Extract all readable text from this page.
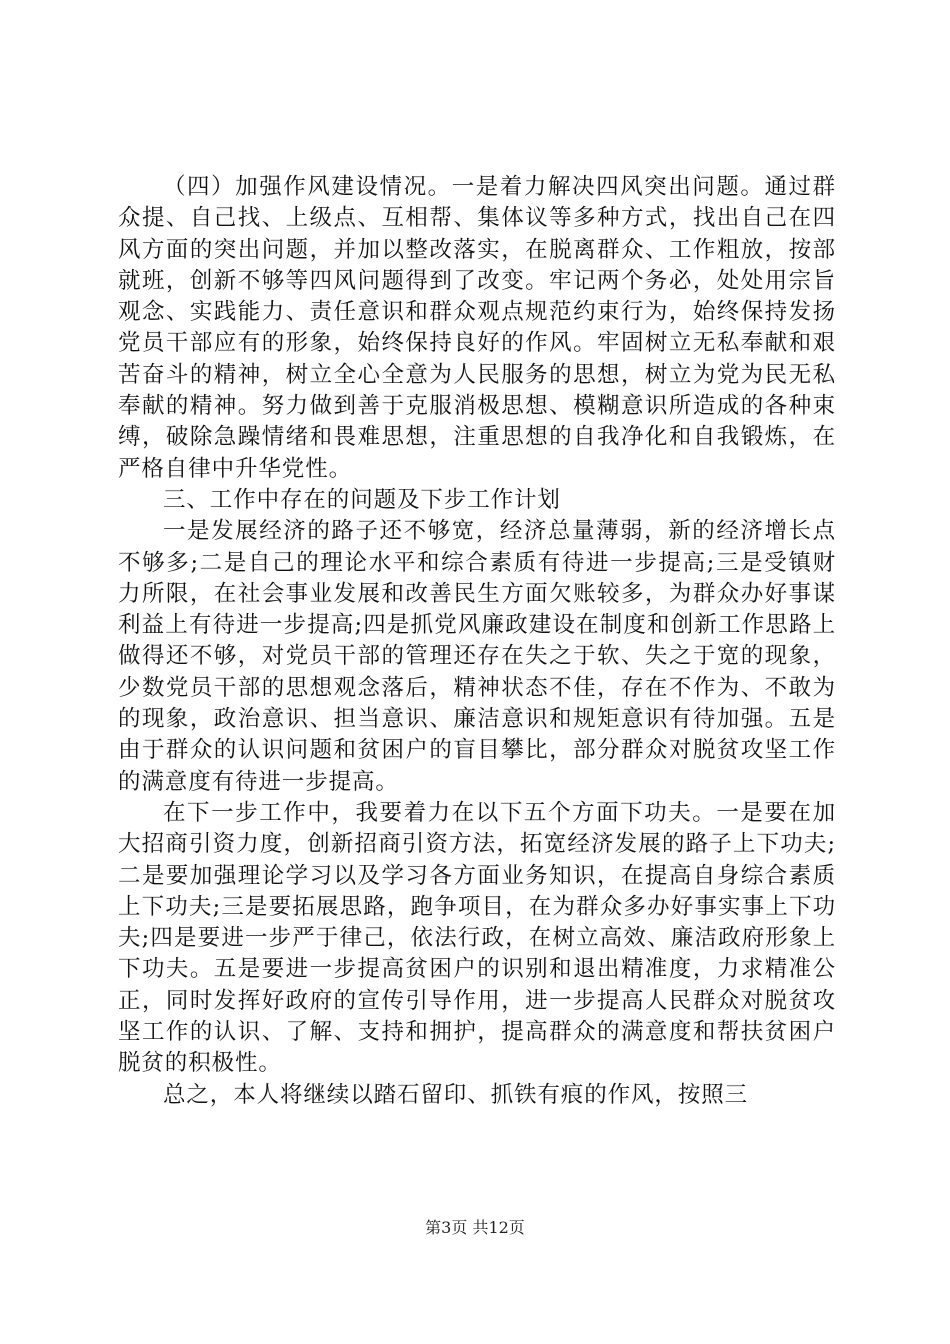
（四）加强作风建设情况。一是着力解决四风突出问题。通过群众提、自己找、上级点、互相帮、集体议等多种方式，找出自己在四风方面的突出问题，并加以整改落实，在脱离群众、工作粗放，按部就班，创新不够等四风问题得到了改变。牢记两个务必，处处用宗旨观念、实践能力、责任意识和群众观点规范约束行为，始终保持发扬党员干部应有的形象，始终保持良好的作风。牢固树立无私奉献和艰苦奋斗的精神，树立全心全意为人民服务的思想，树立为党为民无私奉献的精神。努力做到善于克服消极思想、模糊意识所造成的各种束缚，破除急躁情绪和畏难思想，注重思想的自我净化和自我锻炼，在严格自律中升华党性。

三、工作中存在的问题及下步工作计划

一是发展经济的路子还不够宽，经济总量薄弱，新的经济增长点不够多;二是自己的理论水平和综合素质有待进一步提高;三是受镇财力所限，在社会事业发展和改善民生方面欠账较多，为群众办好事谋利益上有待进一步提高;四是抓党风廉政建设在制度和创新工作思路上做得还不够，对党员干部的管理还存在失之于软、失之于宽的现象，少数党员干部的思想观念落后，精神状态不佳，存在不作为、不敢为的现象，政治意识、担当意识、廉洁意识和规矩意识有待加强。五是由于群众的认识问题和贫困户的盲目攀比，部分群众对脱贫攻坚工作的满意度有待进一步提高。

在下一步工作中，我要着力在以下五个方面下功夫。一是要在加大招商引资力度，创新招商引资方法，拓宽经济发展的路子上下功夫;二是要加强理论学习以及学习各方面业务知识，在提高自身综合素质上下功夫;三是要拓展思路，跑争项目，在为群众多办好事实事上下功夫;四是要进一步严于律己，依法行政，在树立高效、廉洁政府形象上下功夫。五是要进一步提高贫困户的识别和退出精准度，力求精准公正，同时发挥好政府的宣传引导作用，进一步提高人民群众对脱贫攻坚工作的认识、了解、支持和拥护，提高群众的满意度和帮扶贫困户脱贫的积极性。

总之，本人将继续以踏石留印、抓铁有痕的作风，按照三

第3页 共12页
